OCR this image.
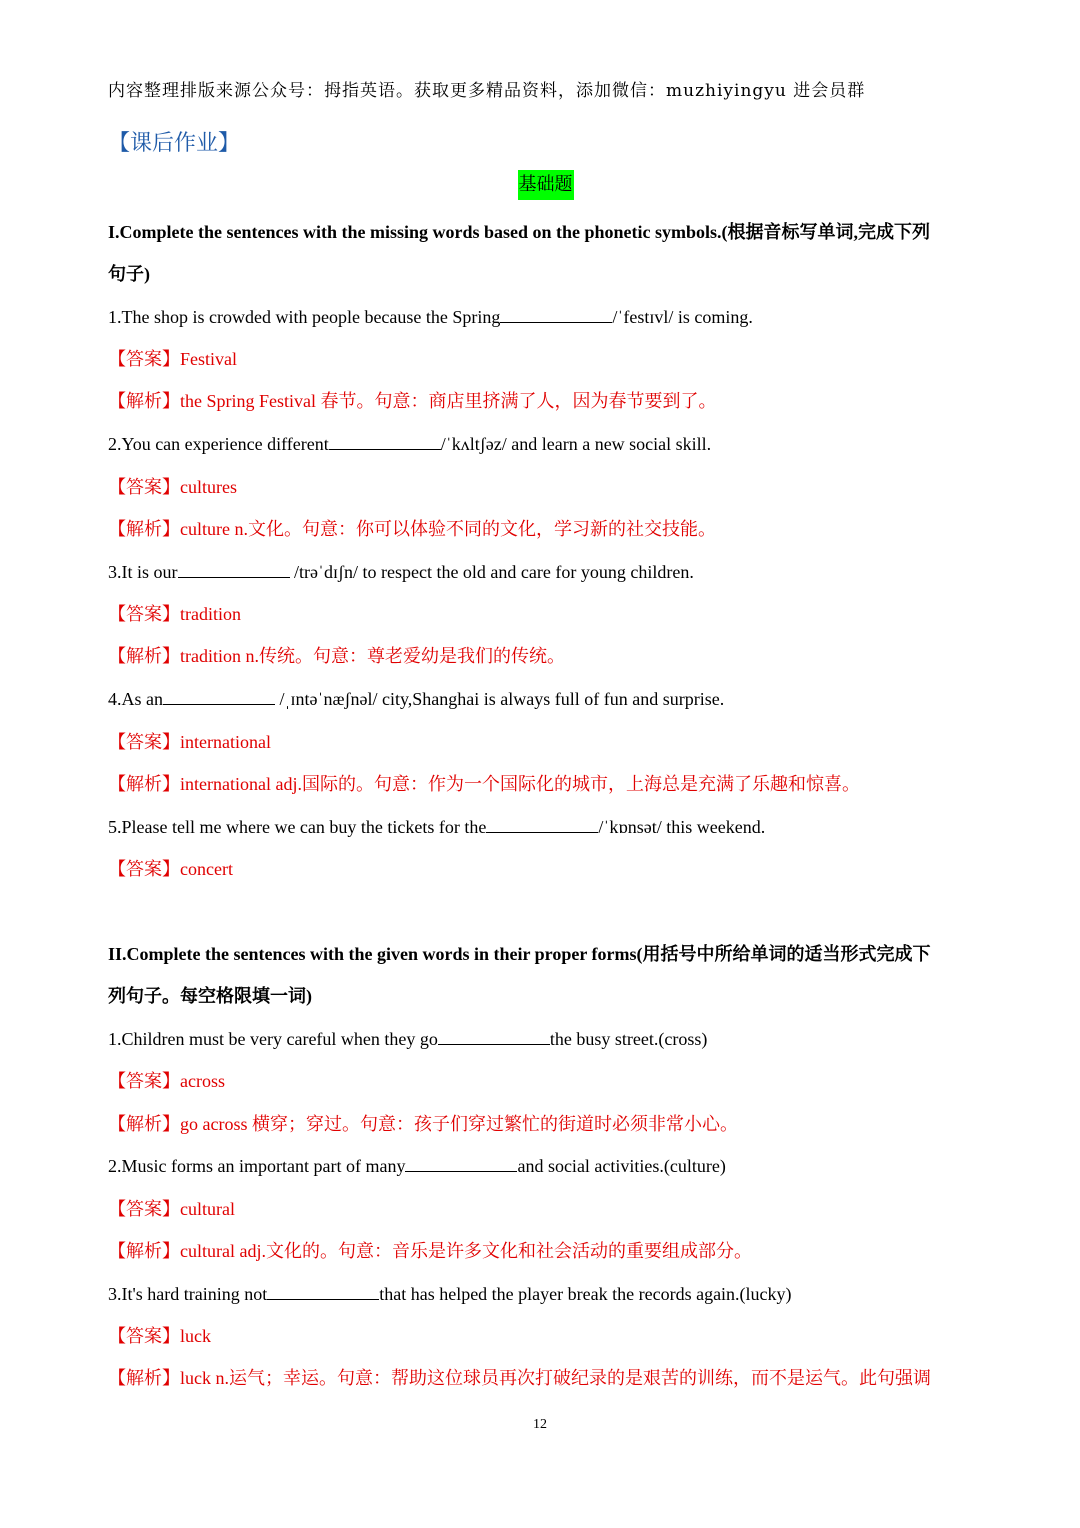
内容整理排版来源公众号：拇指英语。获取更多精品资料，添加微信：muzhiyingyu 进会员群
【课后作业】
基础题
I.Complete the sentences with the missing words based on the phonetic symbols.(根据音标写单词,完成下列
句子)
1.The shop is crowded with people because the Spring	/ˈfestɪvl/ is coming.
【答案】Festival
【解析】the Spring Festival 春节。句意：商店里挤满了人，因为春节要到了。
2.You can experience different	/ˈkʌltʃəz/ and learn a new social skill.
【答案】cultures
【解析】culture n.文化。句意：你可以体验不同的文化，学习新的社交技能。
3.It is our	/trəˈdɪʃn/ to respect the old and care for young children.
【答案】tradition
【解析】tradition n.传统。句意：尊老爱幼是我们的传统。
4.As an	/ˌɪntəˈnæʃnəl/ city,Shanghai is always full of fun and surprise.
【答案】international
【解析】international adj.国际的。句意：作为一个国际化的城市，上海总是充满了乐趣和惊喜。
5.Please tell me where we can buy the tickets for the	/ˈkɒnsət/ this weekend.
【答案】concert
II.Complete the sentences with the given words in their proper forms(用括号中所给单词的适当形式完成下
列句子。每空格限填一词)
1.Children must be very careful when they go	the busy street.(cross)
【答案】across
【解析】go across 横穿；穿过。句意：孩子们穿过繁忙的街道时必须非常小心。
2.Music forms an important part of many	and social activities.(culture)
【答案】cultural
【解析】cultural adj.文化的。句意：音乐是许多文化和社会活动的重要组成部分。
3.It's hard training not	that has helped the player break the records again.(lucky)
【答案】luck
【解析】luck n.运气；幸运。句意：帮助这位球员再次打破纪录的是艰苦的训练，而不是运气。此句强调
12
